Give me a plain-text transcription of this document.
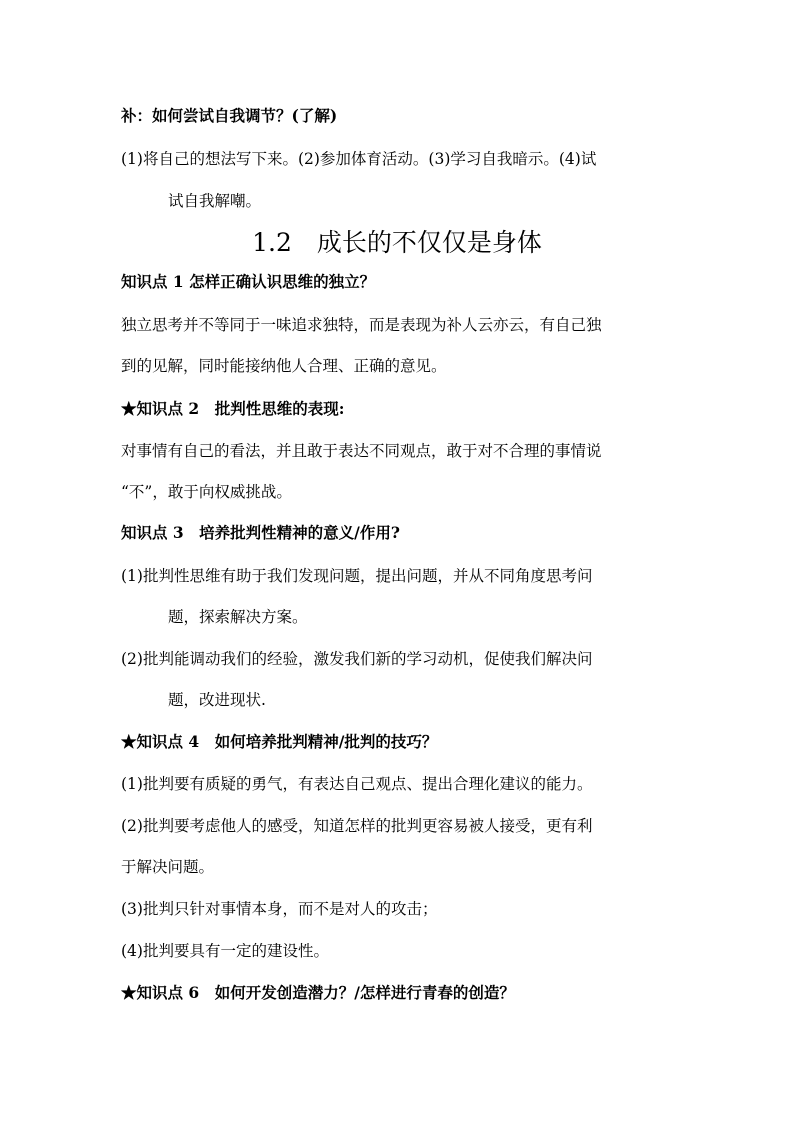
补：如何尝试自我调节？(了解)
(1)将自己的想法写下来。(2)参加体育活动。(3)学习自我暗示。(4)试
试自我解嘲。
1.2　成长的不仅仅是身体
知识点 1 怎样正确认识思维的独立？
独立思考并不等同于一味追求独特，而是表现为补人云亦云，有自己独
到的见解，同时能接纳他人合理、正确的意见。
★知识点 2　批判性思维的表现:
对事情有自己的看法，并且敢于表达不同观点，敢于对不合理的事情说
“不”，敢于向权威挑战。
知识点 3　培养批判性精神的意义/作用?
(1)批判性思维有助于我们发现问题，提出问题，并从不同角度思考问
题，探索解决方案。
(2)批判能调动我们的经验，激发我们新的学习动机，促使我们解决问
题，改进现状.
★知识点 4　如何培养批判精神/批判的技巧？
(1)批判要有质疑的勇气，有表达自己观点、提出合理化建议的能力。
(2)批判要考虑他人的感受，知道怎样的批判更容易被人接受，更有利
于解决问题。
(3)批判只针对事情本身，而不是对人的攻击；
(4)批判要具有一定的建设性。
★知识点 6　如何开发创造潜力？/怎样进行青春的创造？
